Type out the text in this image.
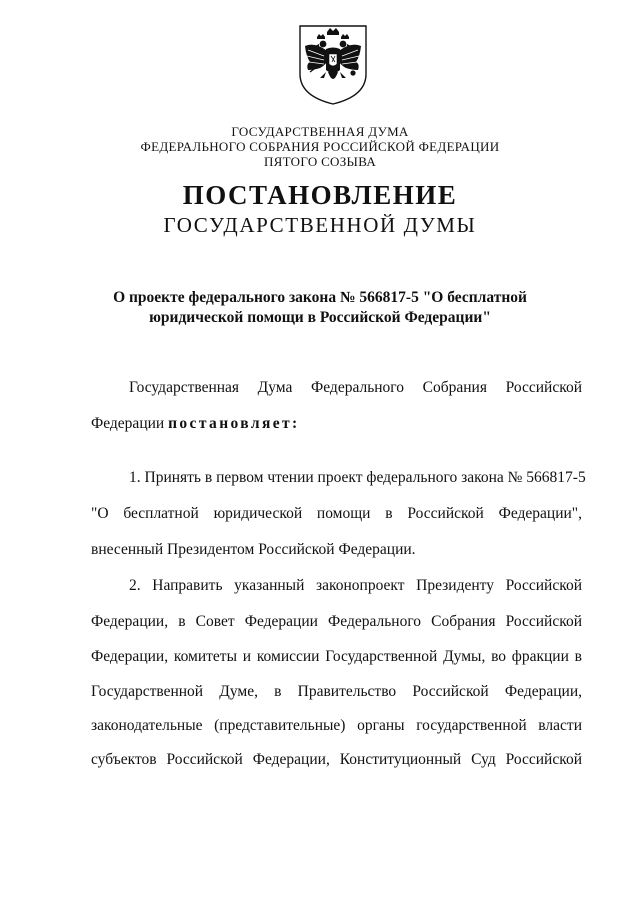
ГОСУДАРСТВЕННАЯ ДУМА
ФЕДЕРАЛЬНОГО СОБРАНИЯ РОССИЙСКОЙ ФЕДЕРАЦИИ
ПЯТОГО СОЗЫВА
ПОСТАНОВЛЕНИЕ
ГОСУДАРСТВЕННОЙ ДУМЫ
О проекте федерального закона № 566817-5 "О бесплатной
юридической помощи в Российской Федерации"
Государственная Дума Федерального Собрания Российской
Федерации постановляет:
1. Принять в первом чтении проект федерального закона № 566817-5
"О бесплатной юридической помощи в Российской Федерации",
внесенный Президентом Российской Федерации.
2. Направить указанный законопроект Президенту Российской
Федерации, в Совет Федерации Федерального Собрания Российской
Федерации, комитеты и комиссии Государственной Думы, во фракции в
Государственной Думе, в Правительство Российской Федерации,
законодательные (представительные) органы государственной власти
субъектов Российской Федерации, Конституционный Суд Российской
